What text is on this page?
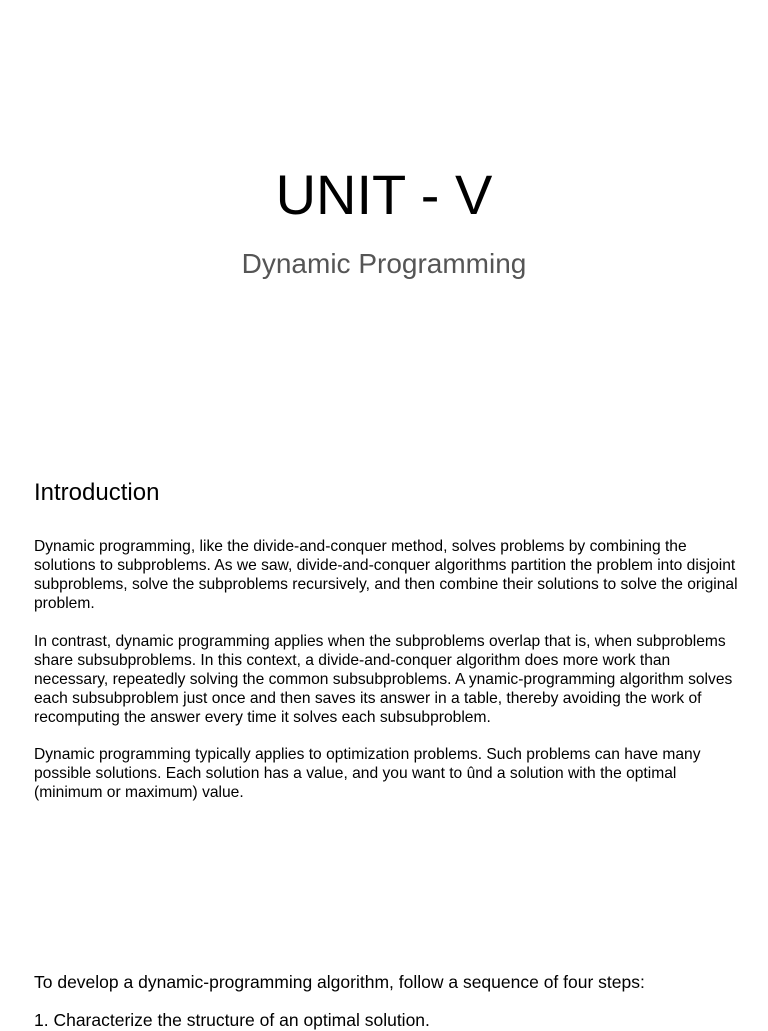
UNIT - V
Dynamic Programming
Introduction

Dynamic programming, like the divide-and-conquer method, solves problems by combining the solutions to subproblems. As we saw, divide-and-conquer algorithms partition the problem into disjoint subproblems, solve the subproblems recursively, and then combine their solutions to solve the original problem.

In contrast, dynamic programming applies when the subproblems overlap that is, when subproblems share subsubproblems. In this context, a divide-and-conquer algorithm does more work than necessary, repeatedly solving the common subsubproblems. A ynamic-programming algorithm solves each subsubproblem just once and then saves its answer in a table, thereby avoiding the work of recomputing the answer every time it solves each subsubproblem.

Dynamic programming typically applies to optimization problems. Such problems can have many possible solutions. Each solution has a value, and you want to ûnd a solution with the optimal (minimum or maximum) value.

To develop a dynamic-programming algorithm, follow a sequence of four steps:

1. Characterize the structure of an optimal solution.
